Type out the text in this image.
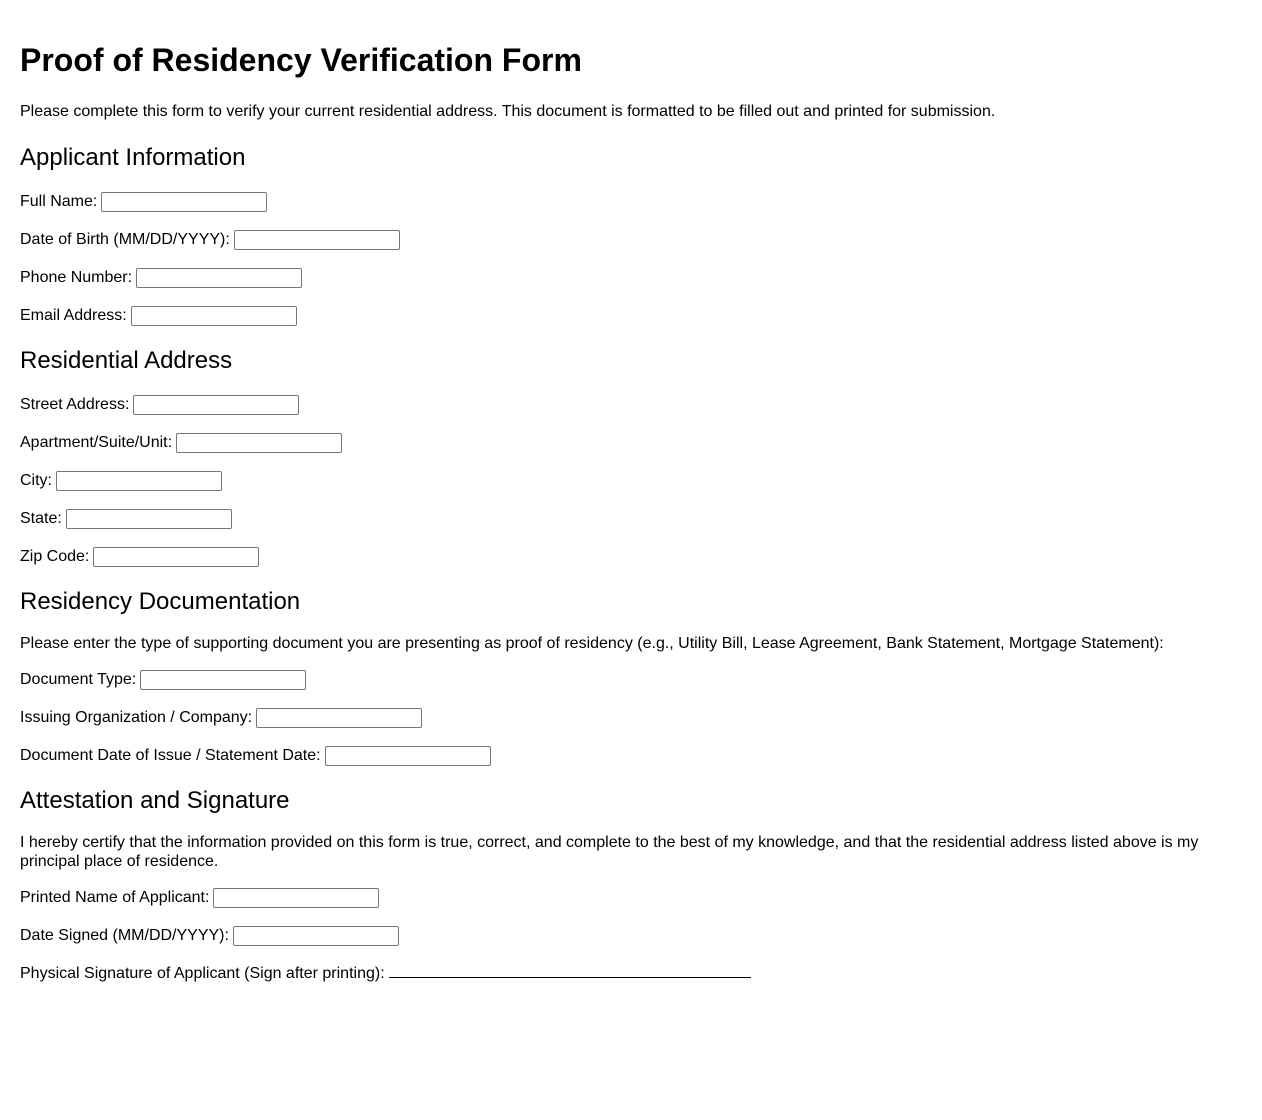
Proof of Residency Verification Form

Please complete this form to verify your current residential address. This document is formatted to be filled out and printed for submission.

Applicant Information
Full Name:
Date of Birth (MM/DD/YYYY):
Phone Number:
Email Address:
Residential Address
Street Address:
Apartment/Suite/Unit:
City:
State:
Zip Code:
Residency Documentation

Please enter the type of supporting document you are presenting as proof of residency (e.g., Utility Bill, Lease Agreement, Bank Statement, Mortgage Statement):

Document Type:
Issuing Organization / Company:
Document Date of Issue / Statement Date:
Attestation and Signature

I hereby certify that the information provided on this form is true, correct, and complete to the best of my knowledge, and that the residential address listed above is my principal place of residence.

Printed Name of Applicant:
Date Signed (MM/DD/YYYY):
Physical Signature of Applicant (Sign after printing):
